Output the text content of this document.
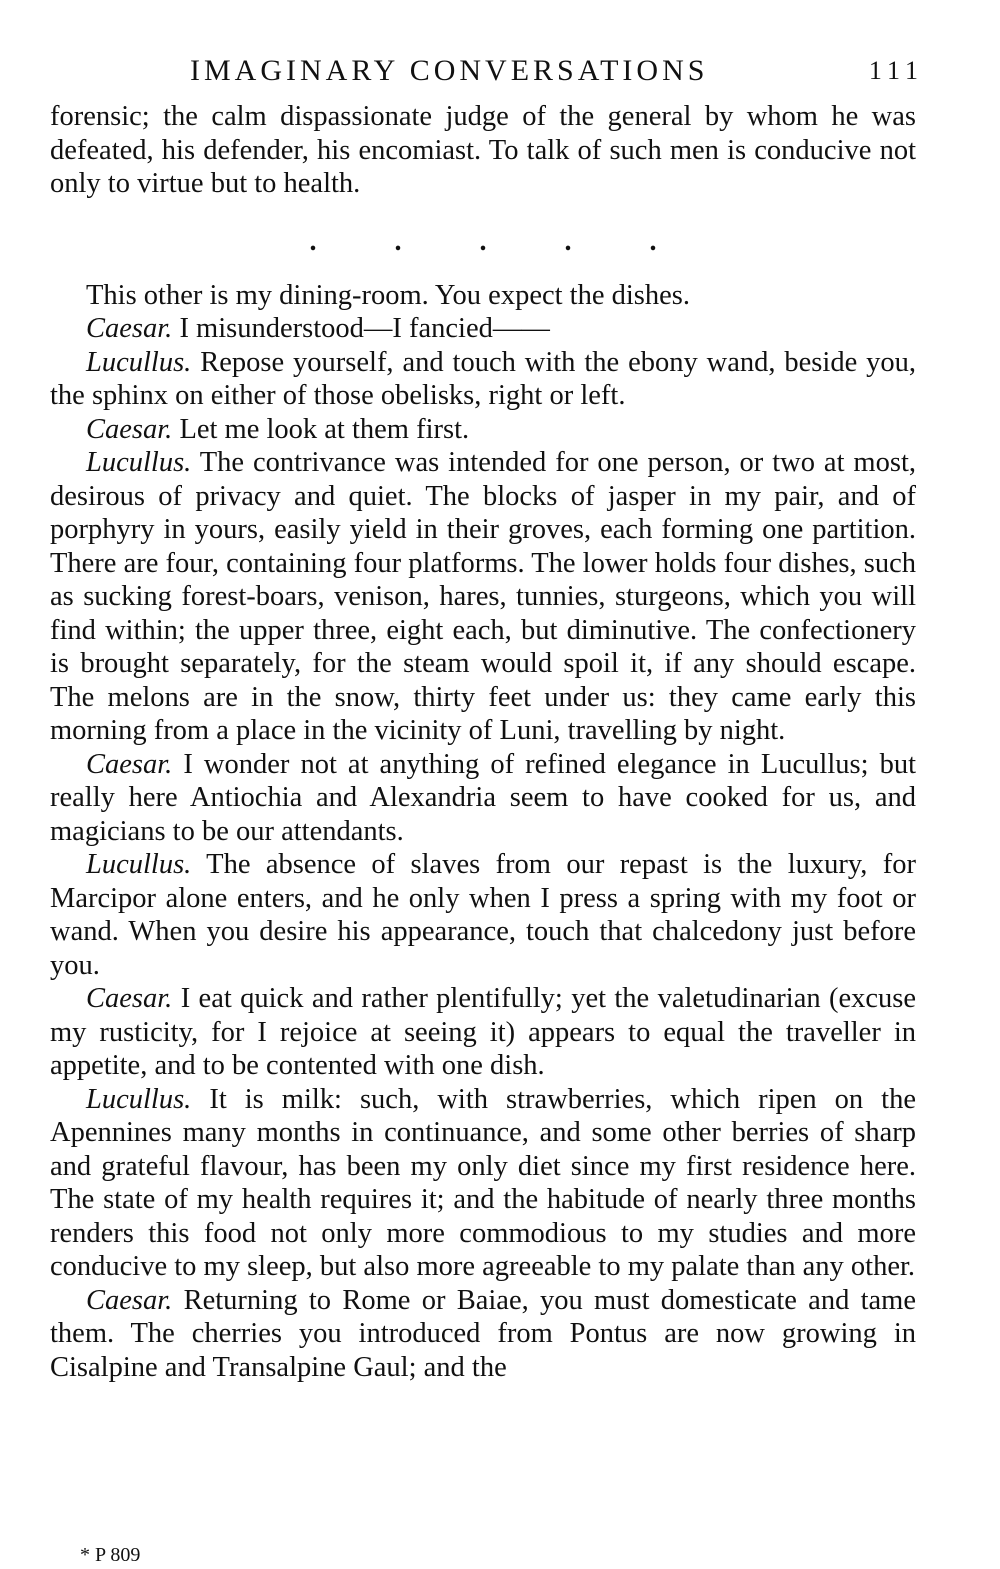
IMAGINARY CONVERSATIONS	111

forensic; the calm dispassionate judge of the general by whom he was defeated, his defender, his encomiast. To talk of such men is conducive not only to virtue but to health.

.	.	.	.	.

This other is my dining-room. You expect the dishes.

Caesar. I misunderstood—I fancied——

Lucullus. Repose yourself, and touch with the ebony wand, beside you, the sphinx on either of those obelisks, right or left.

Caesar. Let me look at them first.

Lucullus. The contrivance was intended for one person, or two at most, desirous of privacy and quiet. The blocks of jasper in my pair, and of porphyry in yours, easily yield in their groves, each forming one partition. There are four, containing four platforms. The lower holds four dishes, such as sucking forest-boars, venison, hares, tunnies, sturgeons, which you will find within; the upper three, eight each, but diminutive. The confectionery is brought separately, for the steam would spoil it, if any should escape. The melons are in the snow, thirty feet under us: they came early this morning from a place in the vicinity of Luni, travelling by night.

Caesar. I wonder not at anything of refined elegance in Lucullus; but really here Antiochia and Alexandria seem to have cooked for us, and magicians to be our attendants.

Lucullus. The absence of slaves from our repast is the luxury, for Marcipor alone enters, and he only when I press a spring with my foot or wand. When you desire his appearance, touch that chalcedony just before you.

Caesar. I eat quick and rather plentifully; yet the valetudinarian (excuse my rusticity, for I rejoice at seeing it) appears to equal the traveller in appetite, and to be contented with one dish.

Lucullus. It is milk: such, with strawberries, which ripen on the Apennines many months in continuance, and some other berries of sharp and grateful flavour, has been my only diet since my first residence here. The state of my health requires it; and the habitude of nearly three months renders this food not only more commodious to my studies and more conducive to my sleep, but also more agreeable to my palate than any other.

Caesar. Returning to Rome or Baiae, you must domesticate and tame them. The cherries you introduced from Pontus are now growing in Cisalpine and Transalpine Gaul; and the

* P 809
